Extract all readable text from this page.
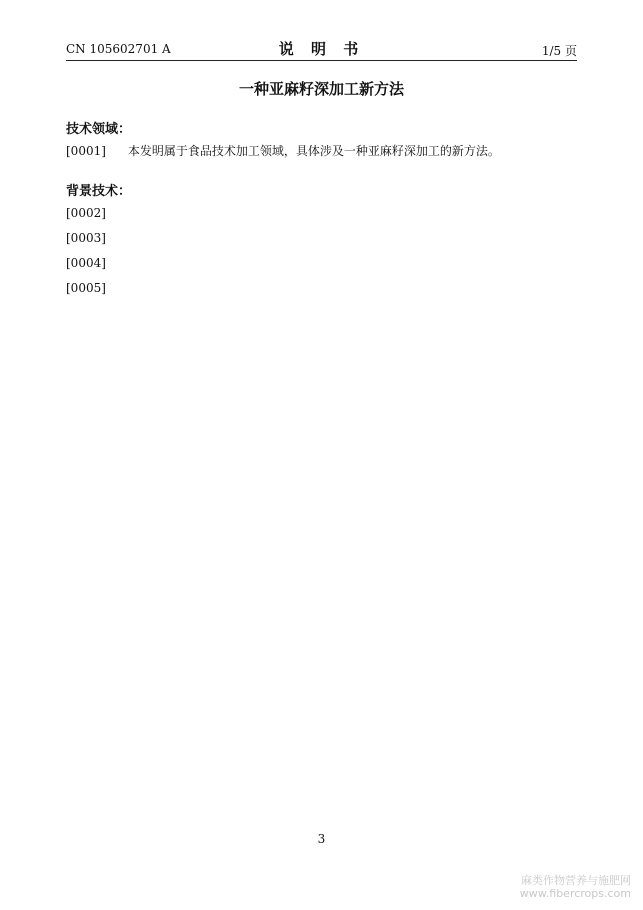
CN 105602701 A	说 明 书	1/5 页
一种亚麻籽深加工新方法
技术领域：

[0001] 本发明属于食品技术加工领域，具体涉及一种亚麻籽深加工的新方法。

背景技术：

[0002]

[0003]

[0004]

[0005]

3
麻类作物营养与施肥网
www.fibercrops.com
